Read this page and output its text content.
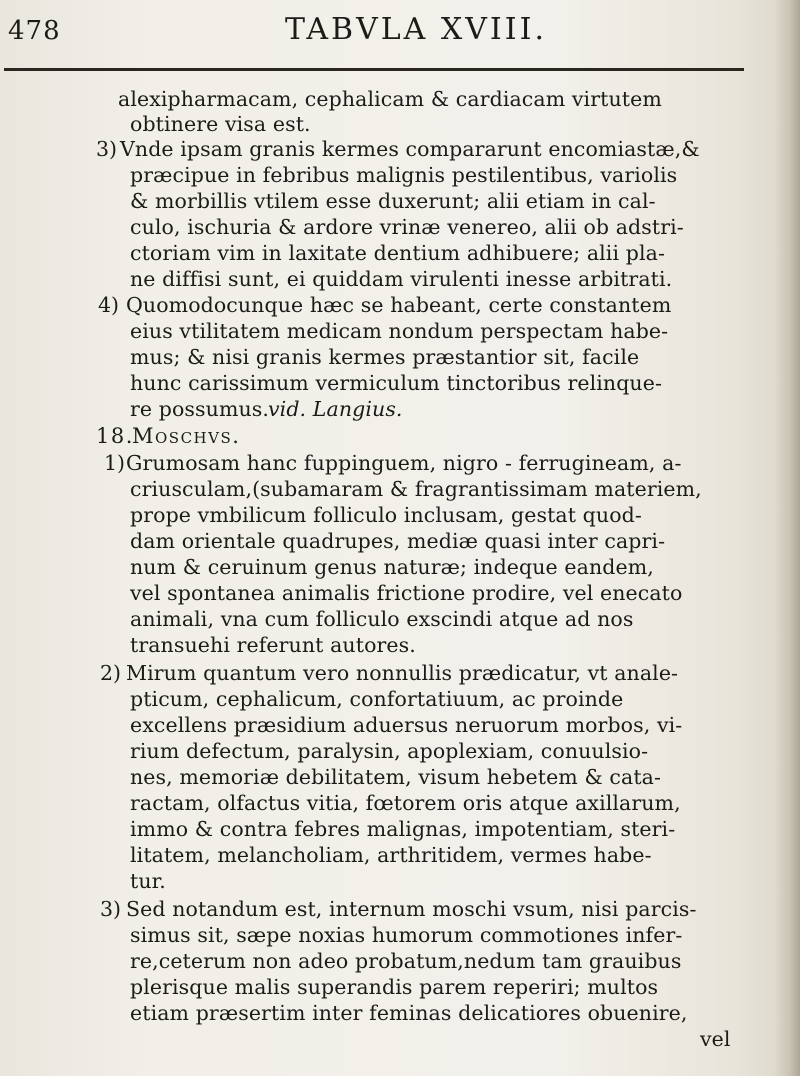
478	TABVLA XVIII.
alexipharmacam, cephalicam & cardiacam virtutem
obtinere visa est.
3) Vnde ipsam granis kermes compararunt encomiastæ,&
præcipue in febribus malignis pestilentibus, variolis
& morbillis vtilem esse duxerunt; alii etiam in cal-
culo, ischuria & ardore vrinæ venereo, alii ob adstri-
ctoriam vim in laxitate dentium adhibuere; alii pla-
ne diffisi sunt, ei quiddam virulenti inesse arbitrati.
4) Quomodocunque hæc se habeant, certe constantem
eius vtilitatem medicam nondum perspectam habe-
mus; & nisi granis kermes præstantior sit, facile
hunc carissimum vermiculum tinctoribus relinque-
re possumus.
vid. Langius.
18.
Moschvs.
1) Grumosam hanc fuppinguem, nigro - ferrugineam, a-
criusculam,(subamaram & fragrantissimam materiem,
prope vmbilicum folliculo inclusam, gestat quod-
dam orientale quadrupes, mediæ quasi inter capri-
num & ceruinum genus naturæ; indeque eandem,
vel spontanea animalis frictione prodire, vel enecato
animali, vna cum folliculo exscindi atque ad nos
transuehi referunt autores.
2) Mirum quantum vero nonnullis prædicatur, vt anale-
pticum, cephalicum, confortatiuum, ac proinde
excellens præsidium aduersus neruorum morbos, vi-
rium defectum, paralysin, apoplexiam, conuulsio-
nes, memoriæ debilitatem, visum hebetem & cata-
ractam, olfactus vitia, fœtorem oris atque axillarum,
immo & contra febres malignas, impotentiam, steri-
litatem, melancholiam, arthritidem, vermes habe-
tur.
3) Sed notandum est, internum moschi vsum, nisi parcis-
simus sit, sæpe noxias humorum commotiones infer-
re,ceterum non adeo probatum,nedum tam grauibus
plerisque malis superandis parem reperiri; multos
etiam præsertim inter feminas delicatiores obuenire,
vel
